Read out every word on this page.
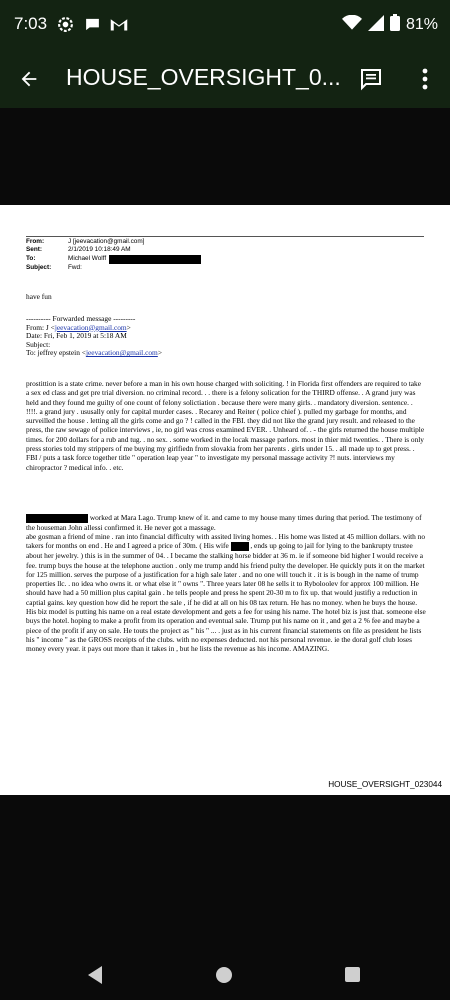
7:03	81%
HOUSE_OVERSIGHT_0...
From:	J [jeevacation@gmail.com]
Sent:	2/1/2019 10:18:49 AM
To:	Michael Wolff
Subject:	Fwd:
have fun
---------- Forwarded message ---------
From: J <jeevacation@gmail.com>
Date: Fri, Feb 1, 2019 at 5:18 AM
Subject:
To: jeffrey epstein <jeevacation@gmail.com>
prostittion is a state crime. never before a man in his own house charged with soliciting. ! in Florida first offenders are required to take a sex ed class and get pre trial diversion. no criminal record. . . there is a felony solication for the THIRD offense. . A grand jury was held and they found me guilty of one count of felony solictiation . because there were many girls. . mandatory diversion. sentence. . !!!!. a grand jury . ususally only for capital murder cases. . Recarey and Reiter ( police chief ). pulled my garbage for months, and surveilled the house . letting all the girls come and go ? ! called in the FBI. they did not like the grand jury result. and released to the press, the raw sewage of police interviews , ie, no girl was cross examined EVER. . Unheard of. . - the girls returned the house multiple times. for 200 dollars for a rub and tug. . no sex. . some worked in the locak massage parlors. most in thier mid twenties. . There is only press stories told my strippers of me buying my girlfiedn from slovakia from her parents . girls under 15. . all made up to get press. . FBI / puts a task force together title " operation leap year " to investigate my personal massage activity ?! nuts. interviews my chiropractor ? medical info. . etc.
worked at Mara Lago. Trump knew of it. and came to my house many times during that period. The testimony of the houseman John allessi confirmed it. He never got a massage.
abe gosman a friend of mine . ran into financial difficulty with assited living homes. . His home was listed at 45 million dollars. with no takers for months on end . He and I agreed a price of 30m. ( His wife  , ends up going to jail for lying to the bankrupty trustee about her jewelry. ) this is in the summer of 04. . I became the stalking horse bidder at 36 m. ie if someone bid higher I would receive a fee. trump buys the house at the telephone auction . only me trump andd his friend pulty the developer. He quickly puts it on the market for 125 million. serves the purpose of a justification for a high sale later . and no one will touch it . it is is bough in the name of trump properties llc. . no idea who owns it. or what else it " owns ". Three years later 08 he sells it to Ryboloolev for approx 100 million. He should have had a 50 million plus capital gain . he tells people and press he spent 20-30 m to fix up. that would justifiy a reduction in captial gains. key question how did he report the sale , if he did at all on his 08 tax return. He has no money. when he buys the house. His biz model is putting his name on a real estate development and gets a fee for using his name. The hotel biz is just that. someone else buys the hotel. hoping to make a profit from its operation and eventual sale. Trump put his name on it , and get a 2 % fee and maybe a piece of the profit if any on sale. He touts the project as " his " ... . just as in his current financial statements on file as president he lists his " income " as the GROSS receipts of the clubs. with no expenses deducted. not his personal revenue. ie the doral golf club loses money every year. it pays out more than it takes in , but he lists the revenue as his income. AMAZING.
HOUSE_OVERSIGHT_023044
